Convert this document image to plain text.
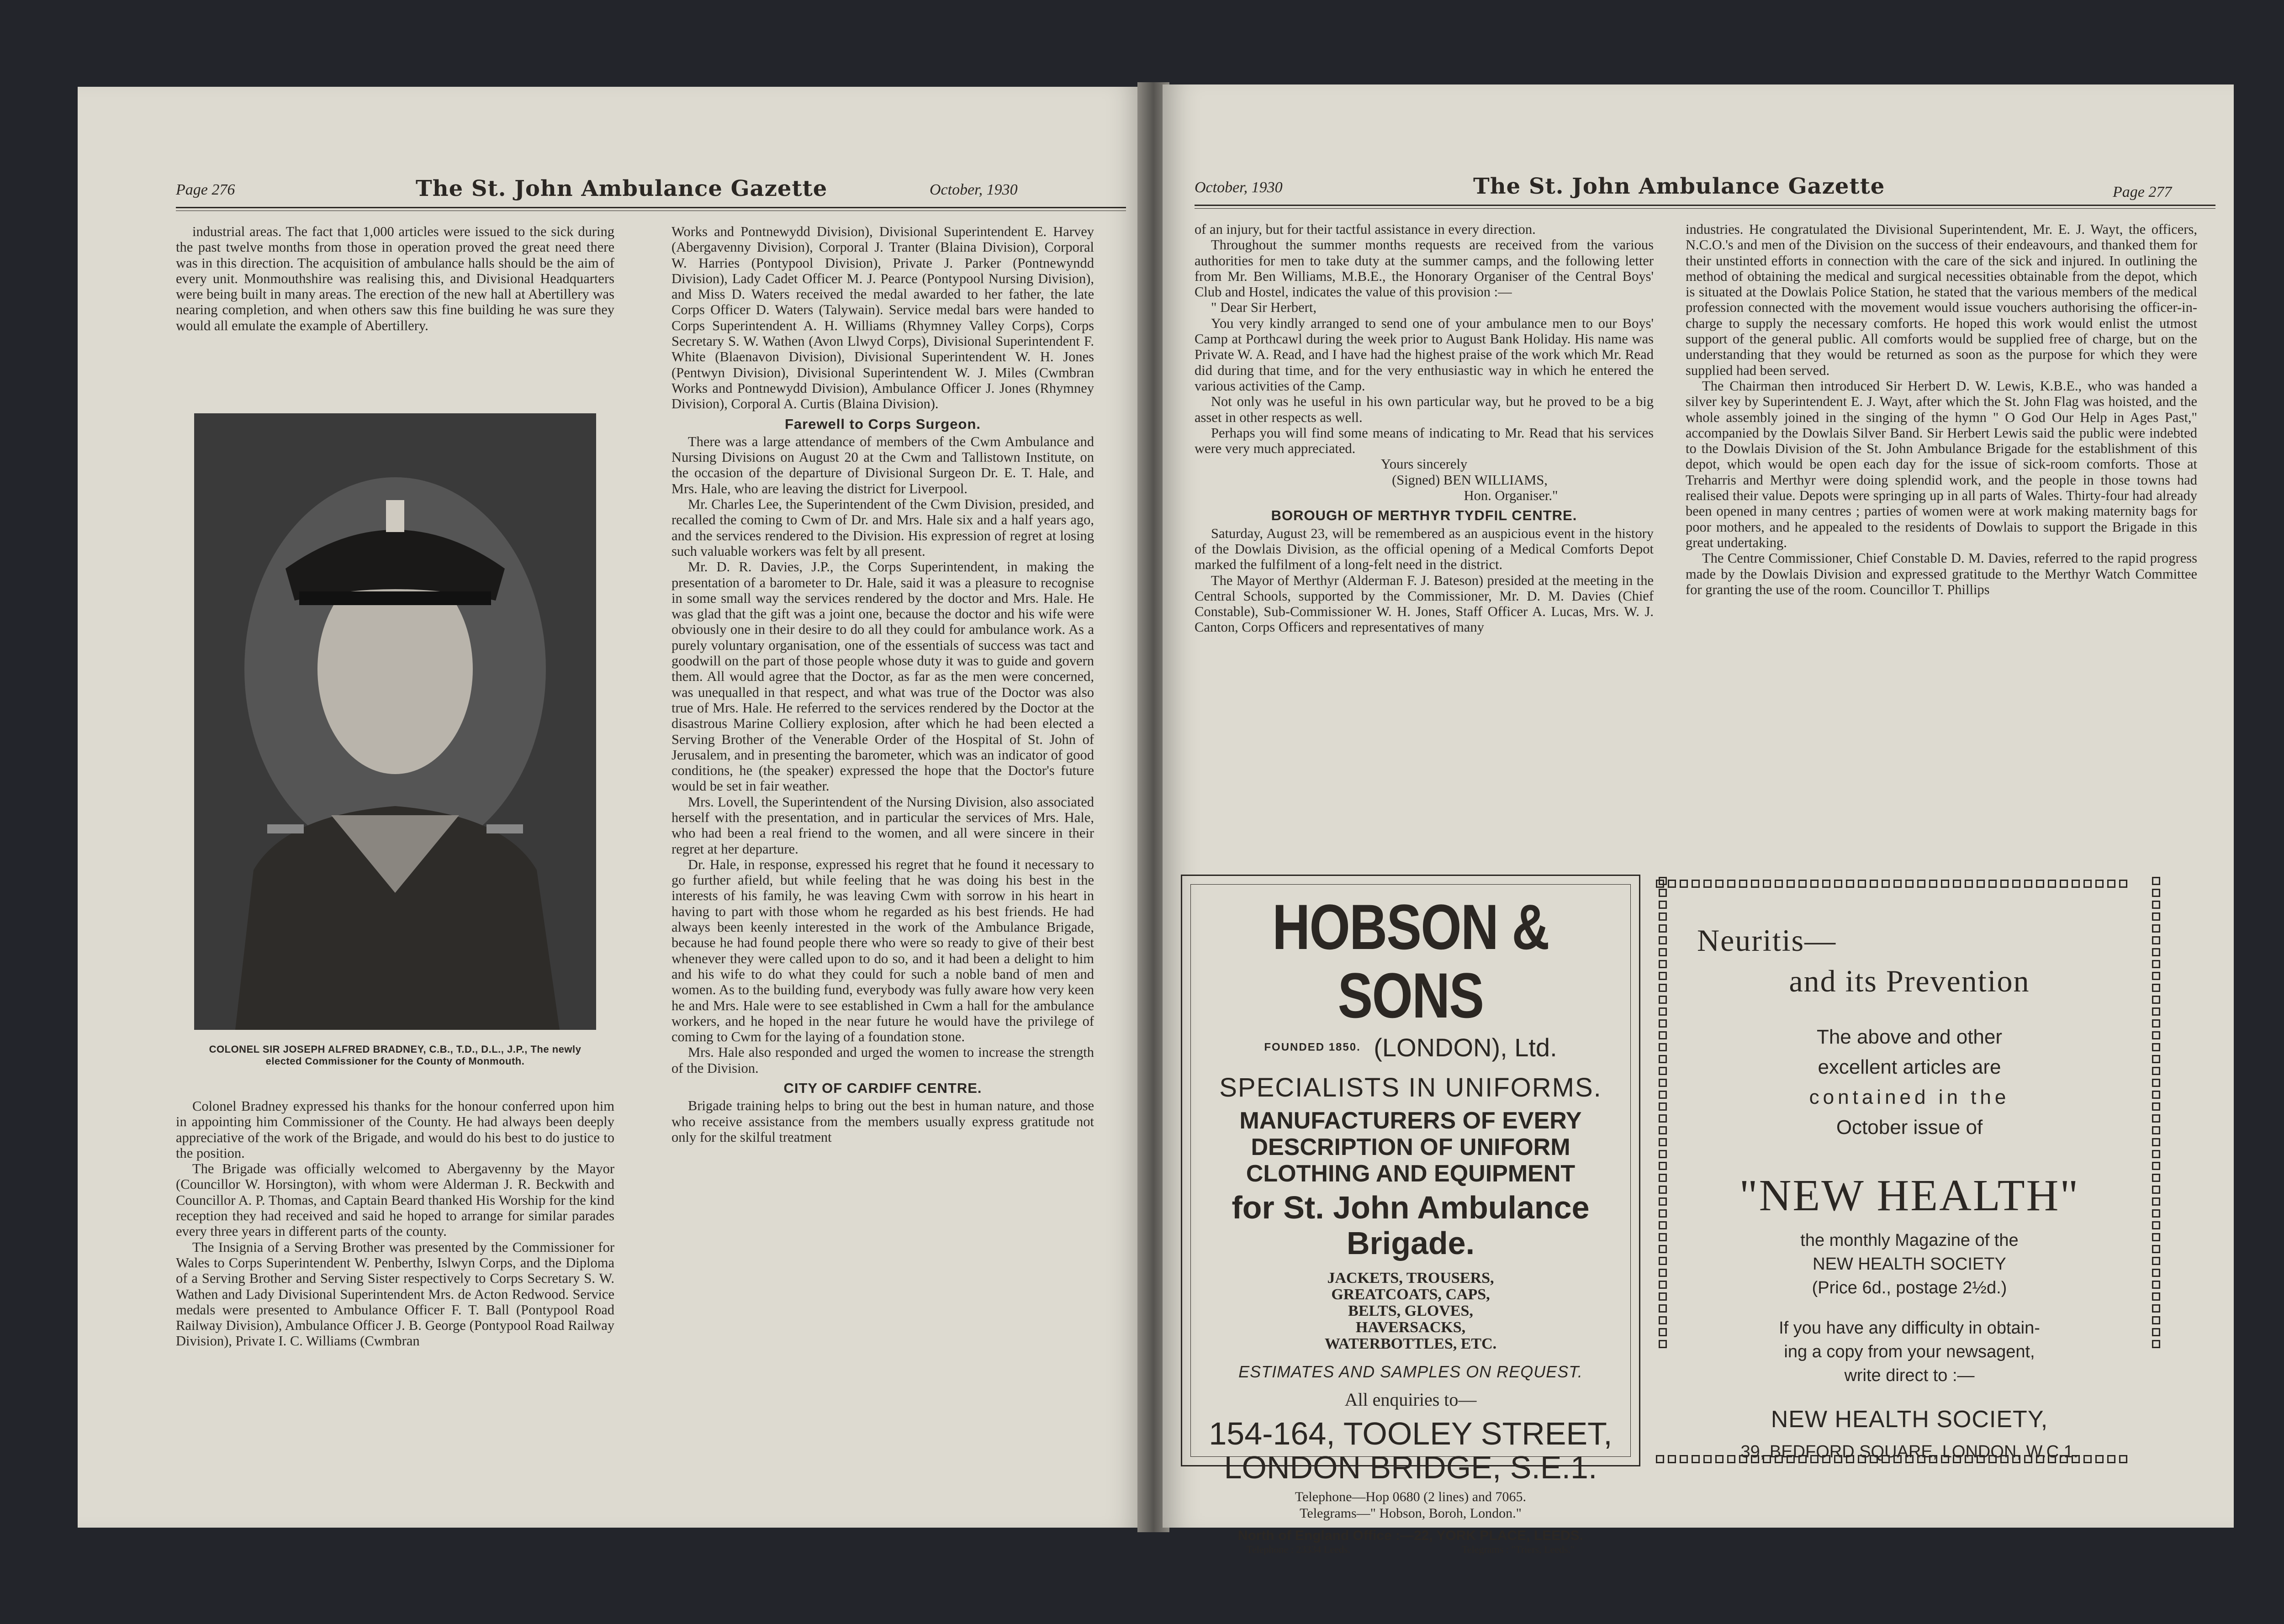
Page 276	The St. John Ambulance Gazette	October, 1930

industrial areas. The fact that 1,000 articles were issued to the sick during the past twelve months from those in operation proved the great need there was in this direction. The acquisition of ambulance halls should be the aim of every unit. Monmouthshire was realising this, and Divisional Headquarters were being built in many areas. The erection of the new hall at Abertillery was nearing completion, and when others saw this fine building he was sure they would all emulate the example of Abertillery.

COLONEL SIR JOSEPH ALFRED BRADNEY, C.B., T.D., D.L., J.P., The newly elected Commissioner for the County of Monmouth.

Colonel Bradney expressed his thanks for the honour conferred upon him in appointing him Commissioner of the County. He had always been deeply appreciative of the work of the Brigade, and would do his best to do justice to the position.

The Brigade was officially welcomed to Abergavenny by the Mayor (Councillor W. Horsington), with whom were Alderman J. R. Beckwith and Councillor A. P. Thomas, and Captain Beard thanked His Worship for the kind reception they had received and said he hoped to arrange for similar parades every three years in different parts of the county.

The Insignia of a Serving Brother was presented by the Commissioner for Wales to Corps Superintendent W. Penberthy, Islwyn Corps, and the Diploma of a Serving Brother and Serving Sister respectively to Corps Secretary S. W. Wathen and Lady Divisional Superintendent Mrs. de Acton Redwood. Service medals were presented to Ambulance Officer F. T. Ball (Pontypool Road Railway Division), Ambulance Officer J. B. George (Pontypool Road Railway Division), Private I. C. Williams (Cwmbran

Works and Pontnewydd Division), Divisional Superintendent E. Harvey (Abergavenny Division), Corporal J. Tranter (Blaina Division), Corporal W. Harries (Pontypool Division), Private J. Parker (Pontnewyndd Division), Lady Cadet Officer M. J. Pearce (Pontypool Nursing Division), and Miss D. Waters received the medal awarded to her father, the late Corps Officer D. Waters (Talywain). Service medal bars were handed to Corps Superintendent A. H. Williams (Rhymney Valley Corps), Corps Secretary S. W. Wathen (Avon Llwyd Corps), Divisional Superintendent F. White (Blaenavon Division), Divisional Superintendent W. H. Jones (Pentwyn Division), Divisional Superintendent W. J. Miles (Cwmbran Works and Pontnewydd Division), Ambulance Officer J. Jones (Rhymney Division), Corporal A. Curtis (Blaina Division).

Farewell to Corps Surgeon.

There was a large attendance of members of the Cwm Ambulance and Nursing Divisions on August 20 at the Cwm and Tallistown Institute, on the occasion of the departure of Divisional Surgeon Dr. E. T. Hale, and Mrs. Hale, who are leaving the district for Liverpool.

Mr. Charles Lee, the Superintendent of the Cwm Division, presided, and recalled the coming to Cwm of Dr. and Mrs. Hale six and a half years ago, and the services rendered to the Division. His expression of regret at losing such valuable workers was felt by all present.

Mr. D. R. Davies, J.P., the Corps Superintendent, in making the presentation of a barometer to Dr. Hale, said it was a pleasure to recognise in some small way the services rendered by the doctor and Mrs. Hale. He was glad that the gift was a joint one, because the doctor and his wife were obviously one in their desire to do all they could for ambulance work. As a purely voluntary organisation, one of the essentials of success was tact and goodwill on the part of those people whose duty it was to guide and govern them. All would agree that the Doctor, as far as the men were concerned, was unequalled in that respect, and what was true of the Doctor was also true of Mrs. Hale. He referred to the services rendered by the Doctor at the disastrous Marine Colliery explosion, after which he had been elected a Serving Brother of the Venerable Order of the Hospital of St. John of Jerusalem, and in presenting the barometer, which was an indicator of good conditions, he (the speaker) expressed the hope that the Doctor's future would be set in fair weather.

Mrs. Lovell, the Superintendent of the Nursing Division, also associated herself with the presentation, and in particular the services of Mrs. Hale, who had been a real friend to the women, and all were sincere in their regret at her departure.

Dr. Hale, in response, expressed his regret that he found it necessary to go further afield, but while feeling that he was doing his best in the interests of his family, he was leaving Cwm with sorrow in his heart in having to part with those whom he regarded as his best friends. He had always been keenly interested in the work of the Ambulance Brigade, because he had found people there who were so ready to give of their best whenever they were called upon to do so, and it had been a delight to him and his wife to do what they could for such a noble band of men and women. As to the building fund, everybody was fully aware how very keen he and Mrs. Hale were to see established in Cwm a hall for the ambulance workers, and he hoped in the near future he would have the privilege of coming to Cwm for the laying of a foundation stone.

Mrs. Hale also responded and urged the women to increase the strength of the Division.

CITY OF CARDIFF CENTRE.

Brigade training helps to bring out the best in human nature, and those who receive assistance from the members usually express gratitude not only for the skilful treatment

October, 1930	The St. John Ambulance Gazette	Page 277

of an injury, but for their tactful assistance in every direction.

Throughout the summer months requests are received from the various authorities for men to take duty at the summer camps, and the following letter from Mr. Ben Williams, M.B.E., the Honorary Organiser of the Central Boys' Club and Hostel, indicates the value of this provision :—

" Dear Sir Herbert,

You very kindly arranged to send one of your ambulance men to our Boys' Camp at Porthcawl during the week prior to August Bank Holiday. His name was Private W. A. Read, and I have had the highest praise of the work which Mr. Read did during that time, and for the very enthusiastic way in which he entered the various activities of the Camp.

Not only was he useful in his own particular way, but he proved to be a big asset in other respects as well.

Perhaps you will find some means of indicating to Mr. Read that his services were very much appreciated.

Yours sincerely

(Signed) BEN WILLIAMS,

Hon. Organiser."

BOROUGH OF MERTHYR TYDFIL CENTRE.

Saturday, August 23, will be remembered as an auspicious event in the history of the Dowlais Division, as the official opening of a Medical Comforts Depot marked the fulfilment of a long-felt need in the district.

The Mayor of Merthyr (Alderman F. J. Bateson) presided at the meeting in the Central Schools, supported by the Commissioner, Mr. D. M. Davies (Chief Constable), Sub-Commissioner W. H. Jones, Staff Officer A. Lucas, Mrs. W. J. Canton, Corps Officers and representatives of many

industries. He congratulated the Divisional Superintendent, Mr. E. J. Wayt, the officers, N.C.O.'s and men of the Division on the success of their endeavours, and thanked them for their unstinted efforts in connection with the care of the sick and injured. In outlining the method of obtaining the medical and surgical necessities obtainable from the depot, which is situated at the Dowlais Police Station, he stated that the various members of the medical profession connected with the movement would issue vouchers authorising the officer-in-charge to supply the necessary comforts. He hoped this work would enlist the utmost support of the general public. All comforts would be supplied free of charge, but on the understanding that they would be returned as soon as the purpose for which they were supplied had been served.

The Chairman then introduced Sir Herbert D. W. Lewis, K.B.E., who was handed a silver key by Superintendent E. J. Wayt, after which the St. John Flag was hoisted, and the whole assembly joined in the singing of the hymn " O God Our Help in Ages Past," accompanied by the Dowlais Silver Band. Sir Herbert Lewis said the public were indebted to the Dowlais Division of the St. John Ambulance Brigade for the establishment of this depot, which would be open each day for the issue of sick-room comforts. Those at Treharris and Merthyr were doing splendid work, and the people in those towns had realised their value. Depots were springing up in all parts of Wales. Thirty-four had already been opened in many centres ; parties of women were at work making maternity bags for poor mothers, and he appealed to the residents of Dowlais to support the Brigade in this great undertaking.

The Centre Commissioner, Chief Constable D. M. Davies, referred to the rapid progress made by the Dowlais Division and expressed gratitude to the Merthyr Watch Committee for granting the use of the room. Councillor T. Phillips

HOBSON & SONS
FOUNDED 1850. (LONDON), Ltd.
SPECIALISTS IN UNIFORMS.
MANUFACTURERS OF EVERY DESCRIPTION OF UNIFORM CLOTHING AND EQUIPMENT
for St. John Ambulance Brigade.
JACKETS, TROUSERS,
GREATCOATS, CAPS,
BELTS, GLOVES,
HAVERSACKS,
WATERBOTTLES, ETC.
ESTIMATES AND SAMPLES ON REQUEST.
All enquiries to—
154-164, TOOLEY STREET,
LONDON BRIDGE, S.E.1.
Telephone—Hop 0680 (2 lines) and 7065.
Telegrams—" Hobson, Boroh, London."
North of England Office :—22, YORK PLACE, LEEDS.
Telephone : 23334 Leeds.	Telegrams : "Triers, Leeds."
Neuritis—
and its Prevention
The above and other
excellent articles are
contained in the
October issue of
"NEW HEALTH"
the monthly Magazine of the
NEW HEALTH SOCIETY
(Price 6d., postage 2½d.)
If you have any difficulty in obtain-
ing a copy from your newsagent,
write direct to :—
NEW HEALTH SOCIETY,
39, BEDFORD SQUARE, LONDON, W.C.1.
